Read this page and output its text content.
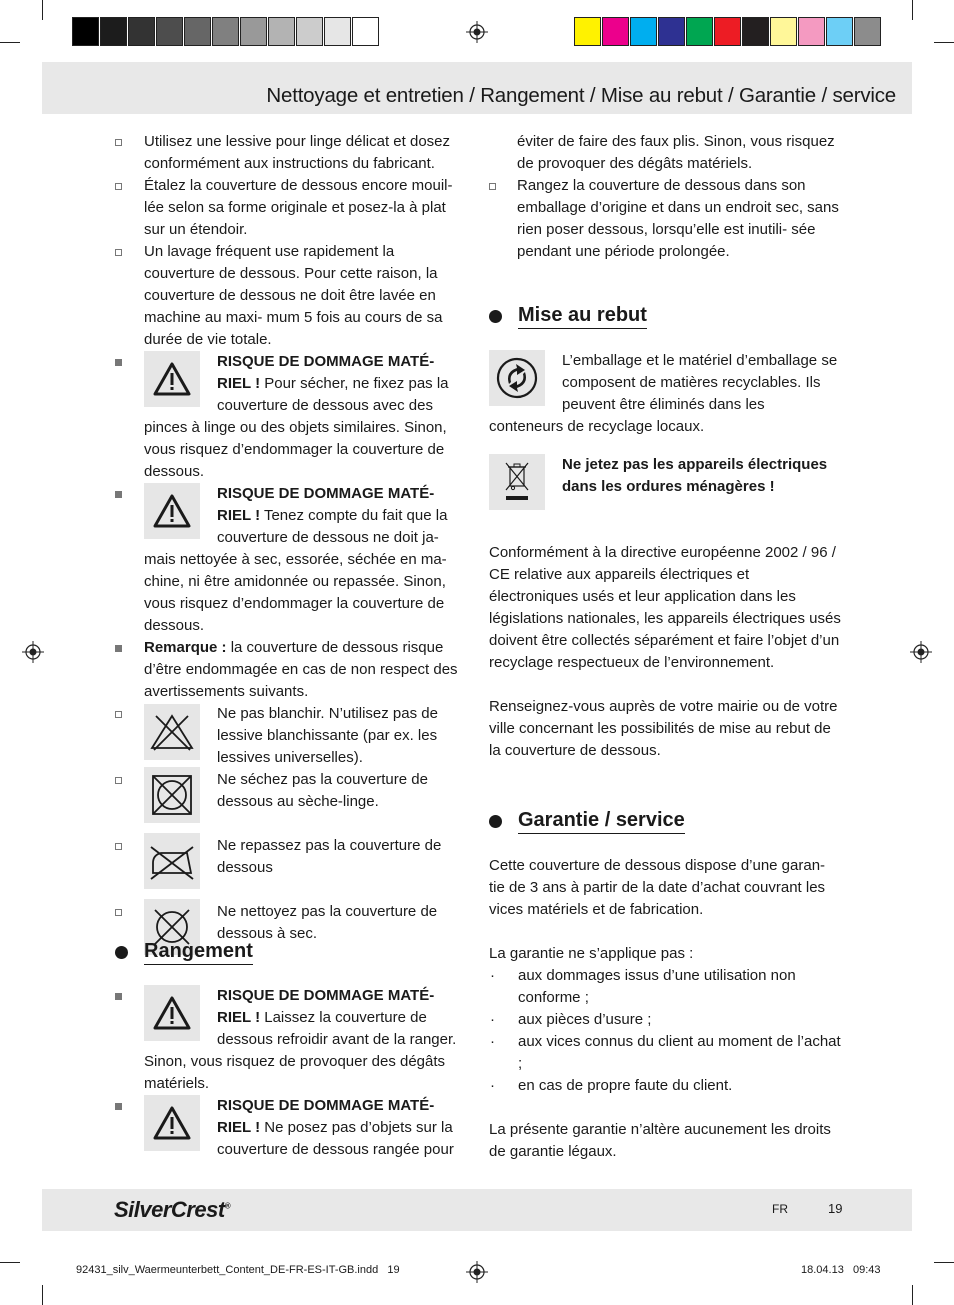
Nettoyage et entretien / Rangement / Mise au rebut / Garantie / service
Utilisez une lessive pour linge délicat et dosez conformément aux instructions du fabricant.
Étalez la couverture de dessous encore mouil- lée selon sa forme originale et posez-la à plat sur un étendoir.
Un lavage fréquent use rapidement la couverture de dessous. Pour cette raison, la couverture de dessous ne doit être lavée en machine au maxi- mum 5 fois au cours de sa durée de vie totale.
RISQUE DE DOMMAGE MATÉ- RIEL ! Pour sécher, ne fixez pas la couverture de dessous avec des pinces à linge ou des objets similaires. Sinon, vous risquez d’endommager la couverture de dessous.
RISQUE DE DOMMAGE MATÉ- RIEL ! Tenez compte du fait que la couverture de dessous ne doit ja- mais nettoyée à sec, essorée, séchée en ma- chine, ni être amidonnée ou repassée. Sinon, vous risquez d’endommager la couverture de dessous.
Remarque : la couverture de dessous risque d’être endommagée en cas de non respect des avertissements suivants.
Ne pas blanchir. N’utilisez pas de lessive blanchissante (par ex. les lessives universelles).
Ne séchez pas la couverture de dessous au sèche-linge.
Ne repassez pas la couverture de dessous
Ne nettoyez pas la couverture de dessous à sec.
Rangement
RISQUE DE DOMMAGE MATÉ- RIEL ! Laissez la couverture de dessous refroidir avant de la ranger. Sinon, vous risquez de provoquer des dégâts matériels.
RISQUE DE DOMMAGE MATÉ- RIEL ! Ne posez pas d’objets sur la couverture de dessous rangée pour
éviter de faire des faux plis. Sinon, vous risquez de provoquer des dégâts matériels.
Rangez la couverture de dessous dans son emballage d’origine et dans un endroit sec, sans rien poser dessous, lorsqu’elle est inutili- sée pendant une période prolongée.
Mise au rebut
L’emballage et le matériel d’emballage se composent de matières recyclables. Ils peuvent être éliminés dans les conteneurs de recyclage locaux.
Ne jetez pas les appareils électriques dans les ordures ménagères !
Conformément à la directive européenne 2002 / 96 / CE relative aux appareils électriques et électroniques usés et leur application dans les législations nationales, les appareils électriques usés doivent être collectés séparément et faire l’objet d’un recyclage respectueux de l’environnement.
Renseignez-vous auprès de votre mairie ou de votre ville concernant les possibilités de mise au rebut de la couverture de dessous.
Garantie / service
Cette couverture de dessous dispose d’une garan- tie de 3 ans à partir de la date d’achat couvrant les vices matériels et de fabrication.
La garantie ne s’applique pas :
· aux dommages issus d’une utilisation non conforme ;
· aux pièces d’usure ;
· aux vices connus du client au moment de l’achat ;
· en cas de propre faute du client.
La présente garantie n’altère aucunement les droits de garantie légaux.
SilverCrest®	FR	19
92431_silv_Waermeunterbett_Content_DE-FR-ES-IT-GB.indd   19	18.04.13   09:43
